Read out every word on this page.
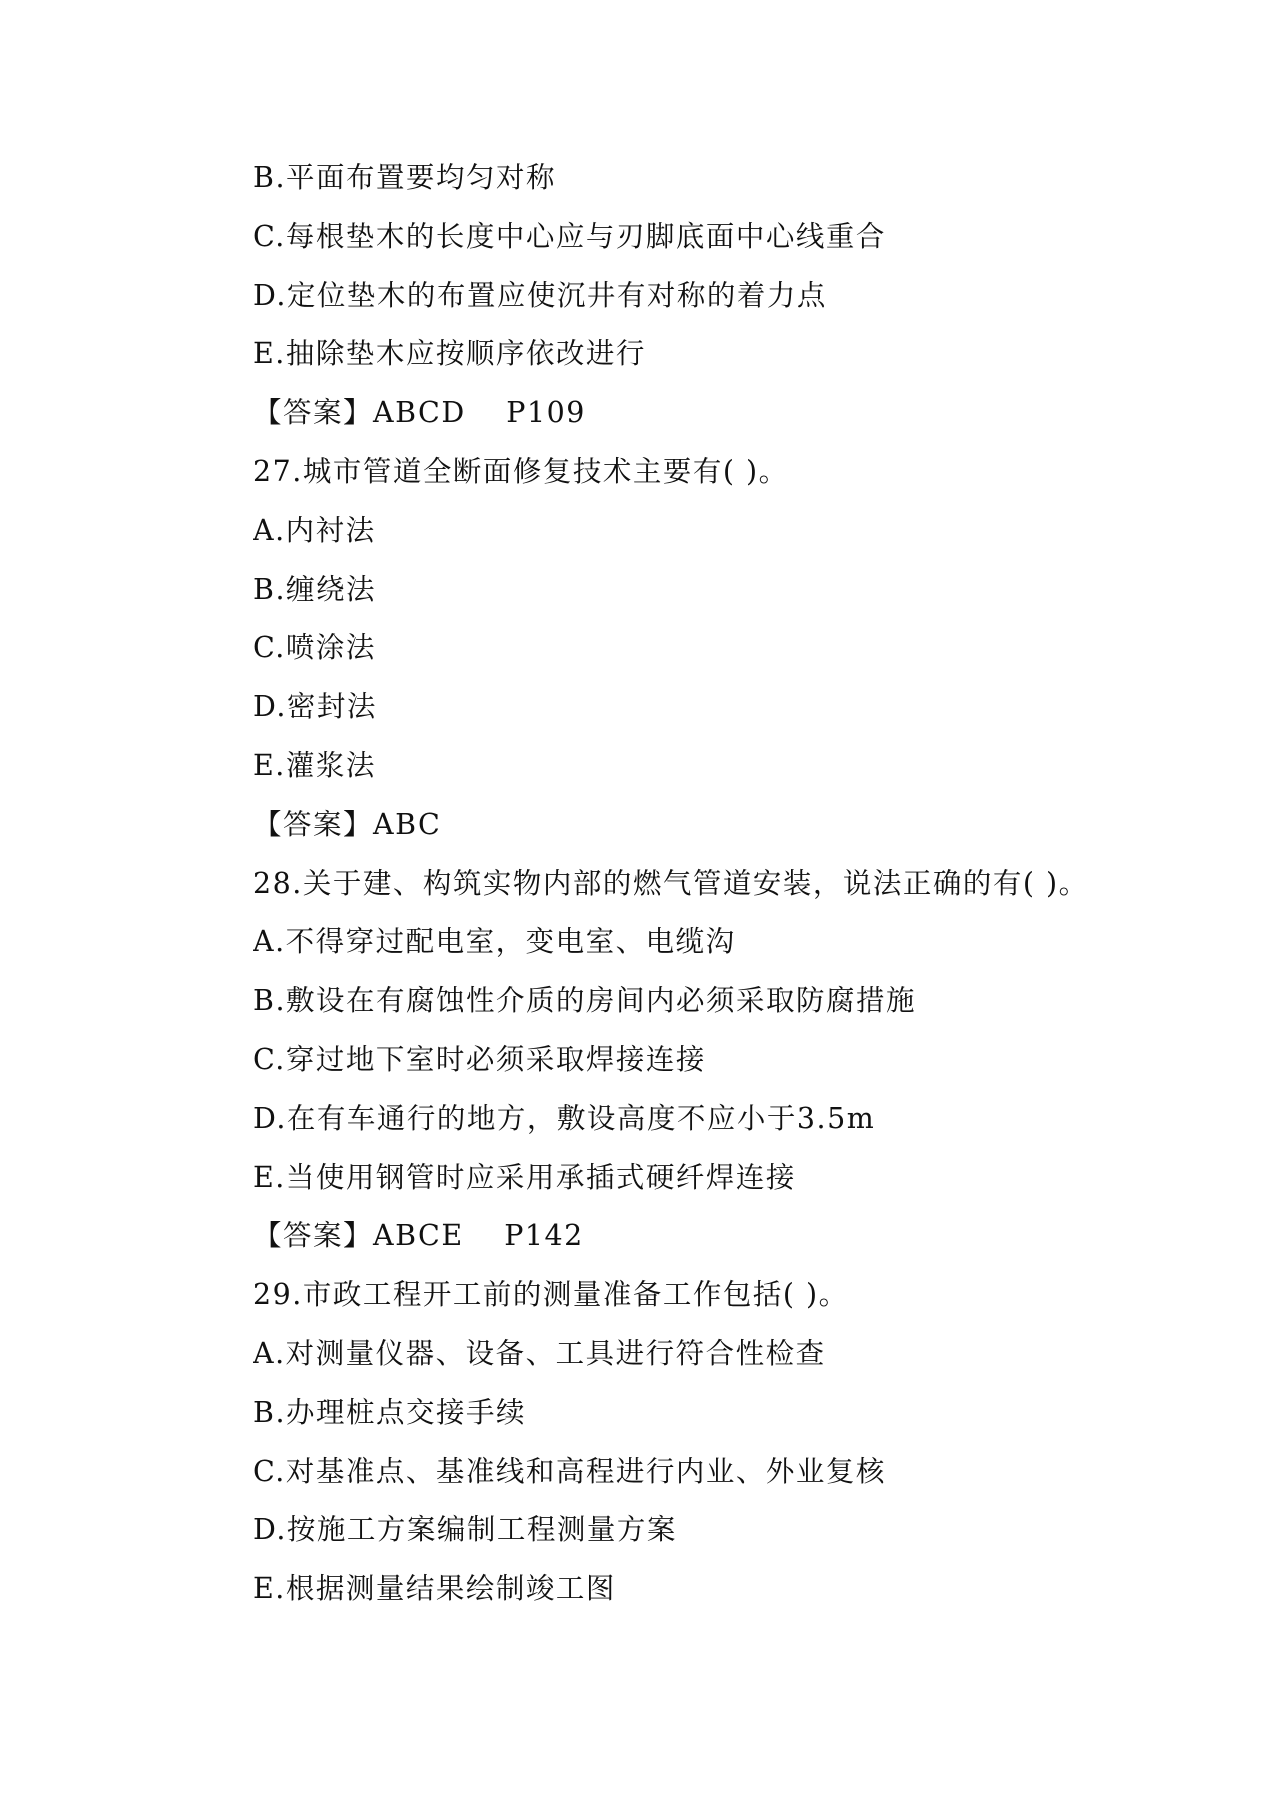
B.平面布置要均匀对称
C.每根垫木的长度中心应与刃脚底面中心线重合
D.定位垫木的布置应使沉井有对称的着力点
E.抽除垫木应按顺序依改进行
【答案】ABCD　 P109
27.城市管道全断面修复技术主要有( )。
A.内衬法
B.缠绕法
C.喷涂法
D.密封法
E.灌浆法
【答案】ABC
28.关于建、构筑实物内部的燃气管道安装，说法正确的有( )。
A.不得穿过配电室，变电室、电缆沟
B.敷设在有腐蚀性介质的房间内必须采取防腐措施
C.穿过地下室时必须采取焊接连接
D.在有车通行的地方，敷设高度不应小于3.5m
E.当使用钢管时应采用承插式硬纤焊连接
【答案】ABCE　 P142
29.市政工程开工前的测量准备工作包括( )。
A.对测量仪器、设备、工具进行符合性检查
B.办理桩点交接手续
C.对基准点、基准线和高程进行内业、外业复核
D.按施工方案编制工程测量方案
E.根据测量结果绘制竣工图
